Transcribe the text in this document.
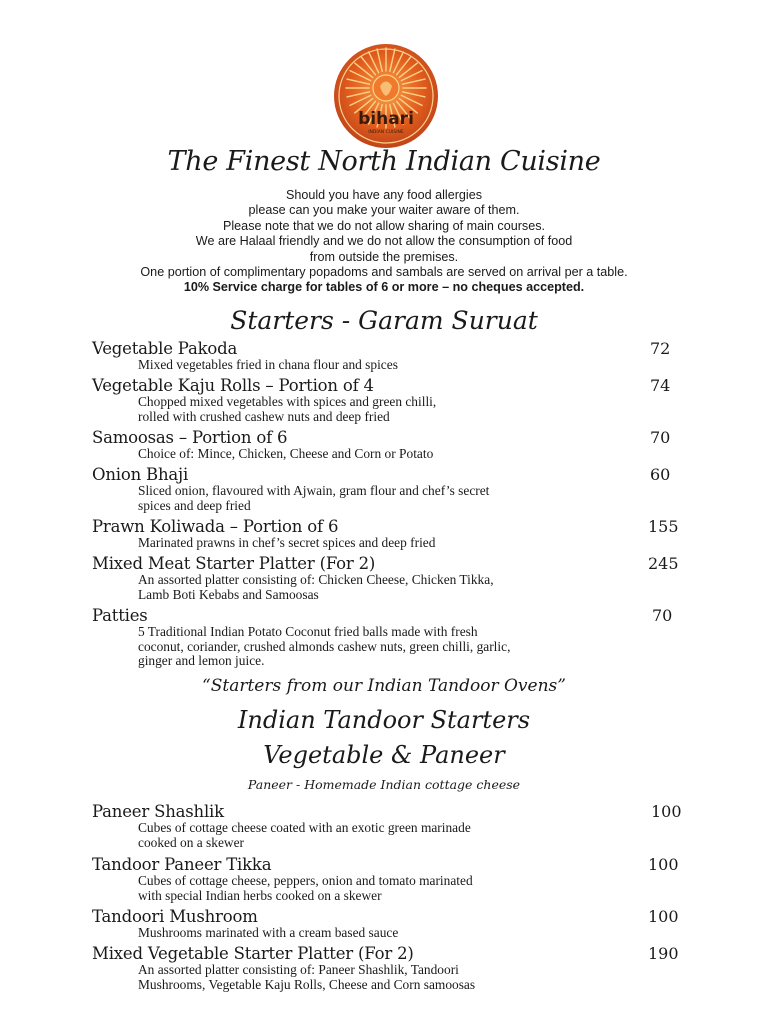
bihari
INDIAN CUISINE
The Finest North Indian Cuisine
Should you have any food allergies
please can you make your waiter aware of them.
Please note that we do not allow sharing of main courses.
We are Halaal friendly and we do not allow the consumption of food
from outside the premises.
One portion of complimentary popadoms and sambals are served on arrival per a table.
10% Service charge for tables of 6 or more – no cheques accepted.
Starters - Garam Suruat
Vegetable Pakoda	72
Mixed vegetables fried in chana flour and spices
Vegetable Kaju Rolls – Portion of 4	74
Chopped mixed vegetables with spices and green chilli,
rolled with crushed cashew nuts and deep fried
Samoosas – Portion of 6	70
Choice of: Mince, Chicken, Cheese and Corn or Potato
Onion Bhaji	60
Sliced onion, flavoured with Ajwain, gram flour and chef’s secret
spices and deep fried
Prawn Koliwada – Portion of 6	155
Marinated prawns in chef’s secret spices and deep fried
Mixed Meat Starter Platter (For 2)	245
An assorted platter consisting of: Chicken Cheese, Chicken Tikka,
Lamb Boti Kebabs and Samoosas
Patties	70
5 Traditional Indian Potato Coconut fried balls made with fresh
coconut, coriander, crushed almonds cashew nuts, green chilli, garlic,
ginger and lemon juice.
“Starters from our Indian Tandoor Ovens”
Indian Tandoor Starters
Vegetable & Paneer
Paneer - Homemade Indian cottage cheese
Paneer Shashlik	100
Cubes of cottage cheese coated with an exotic green marinade
cooked on a skewer
Tandoor Paneer Tikka	100
Cubes of cottage cheese, peppers, onion and tomato marinated
with special Indian herbs cooked on a skewer
Tandoori Mushroom	100
Mushrooms marinated with a cream based sauce
Mixed Vegetable Starter Platter (For 2)	190
An assorted platter consisting of: Paneer Shashlik, Tandoori
Mushrooms, Vegetable Kaju Rolls, Cheese and Corn samoosas
